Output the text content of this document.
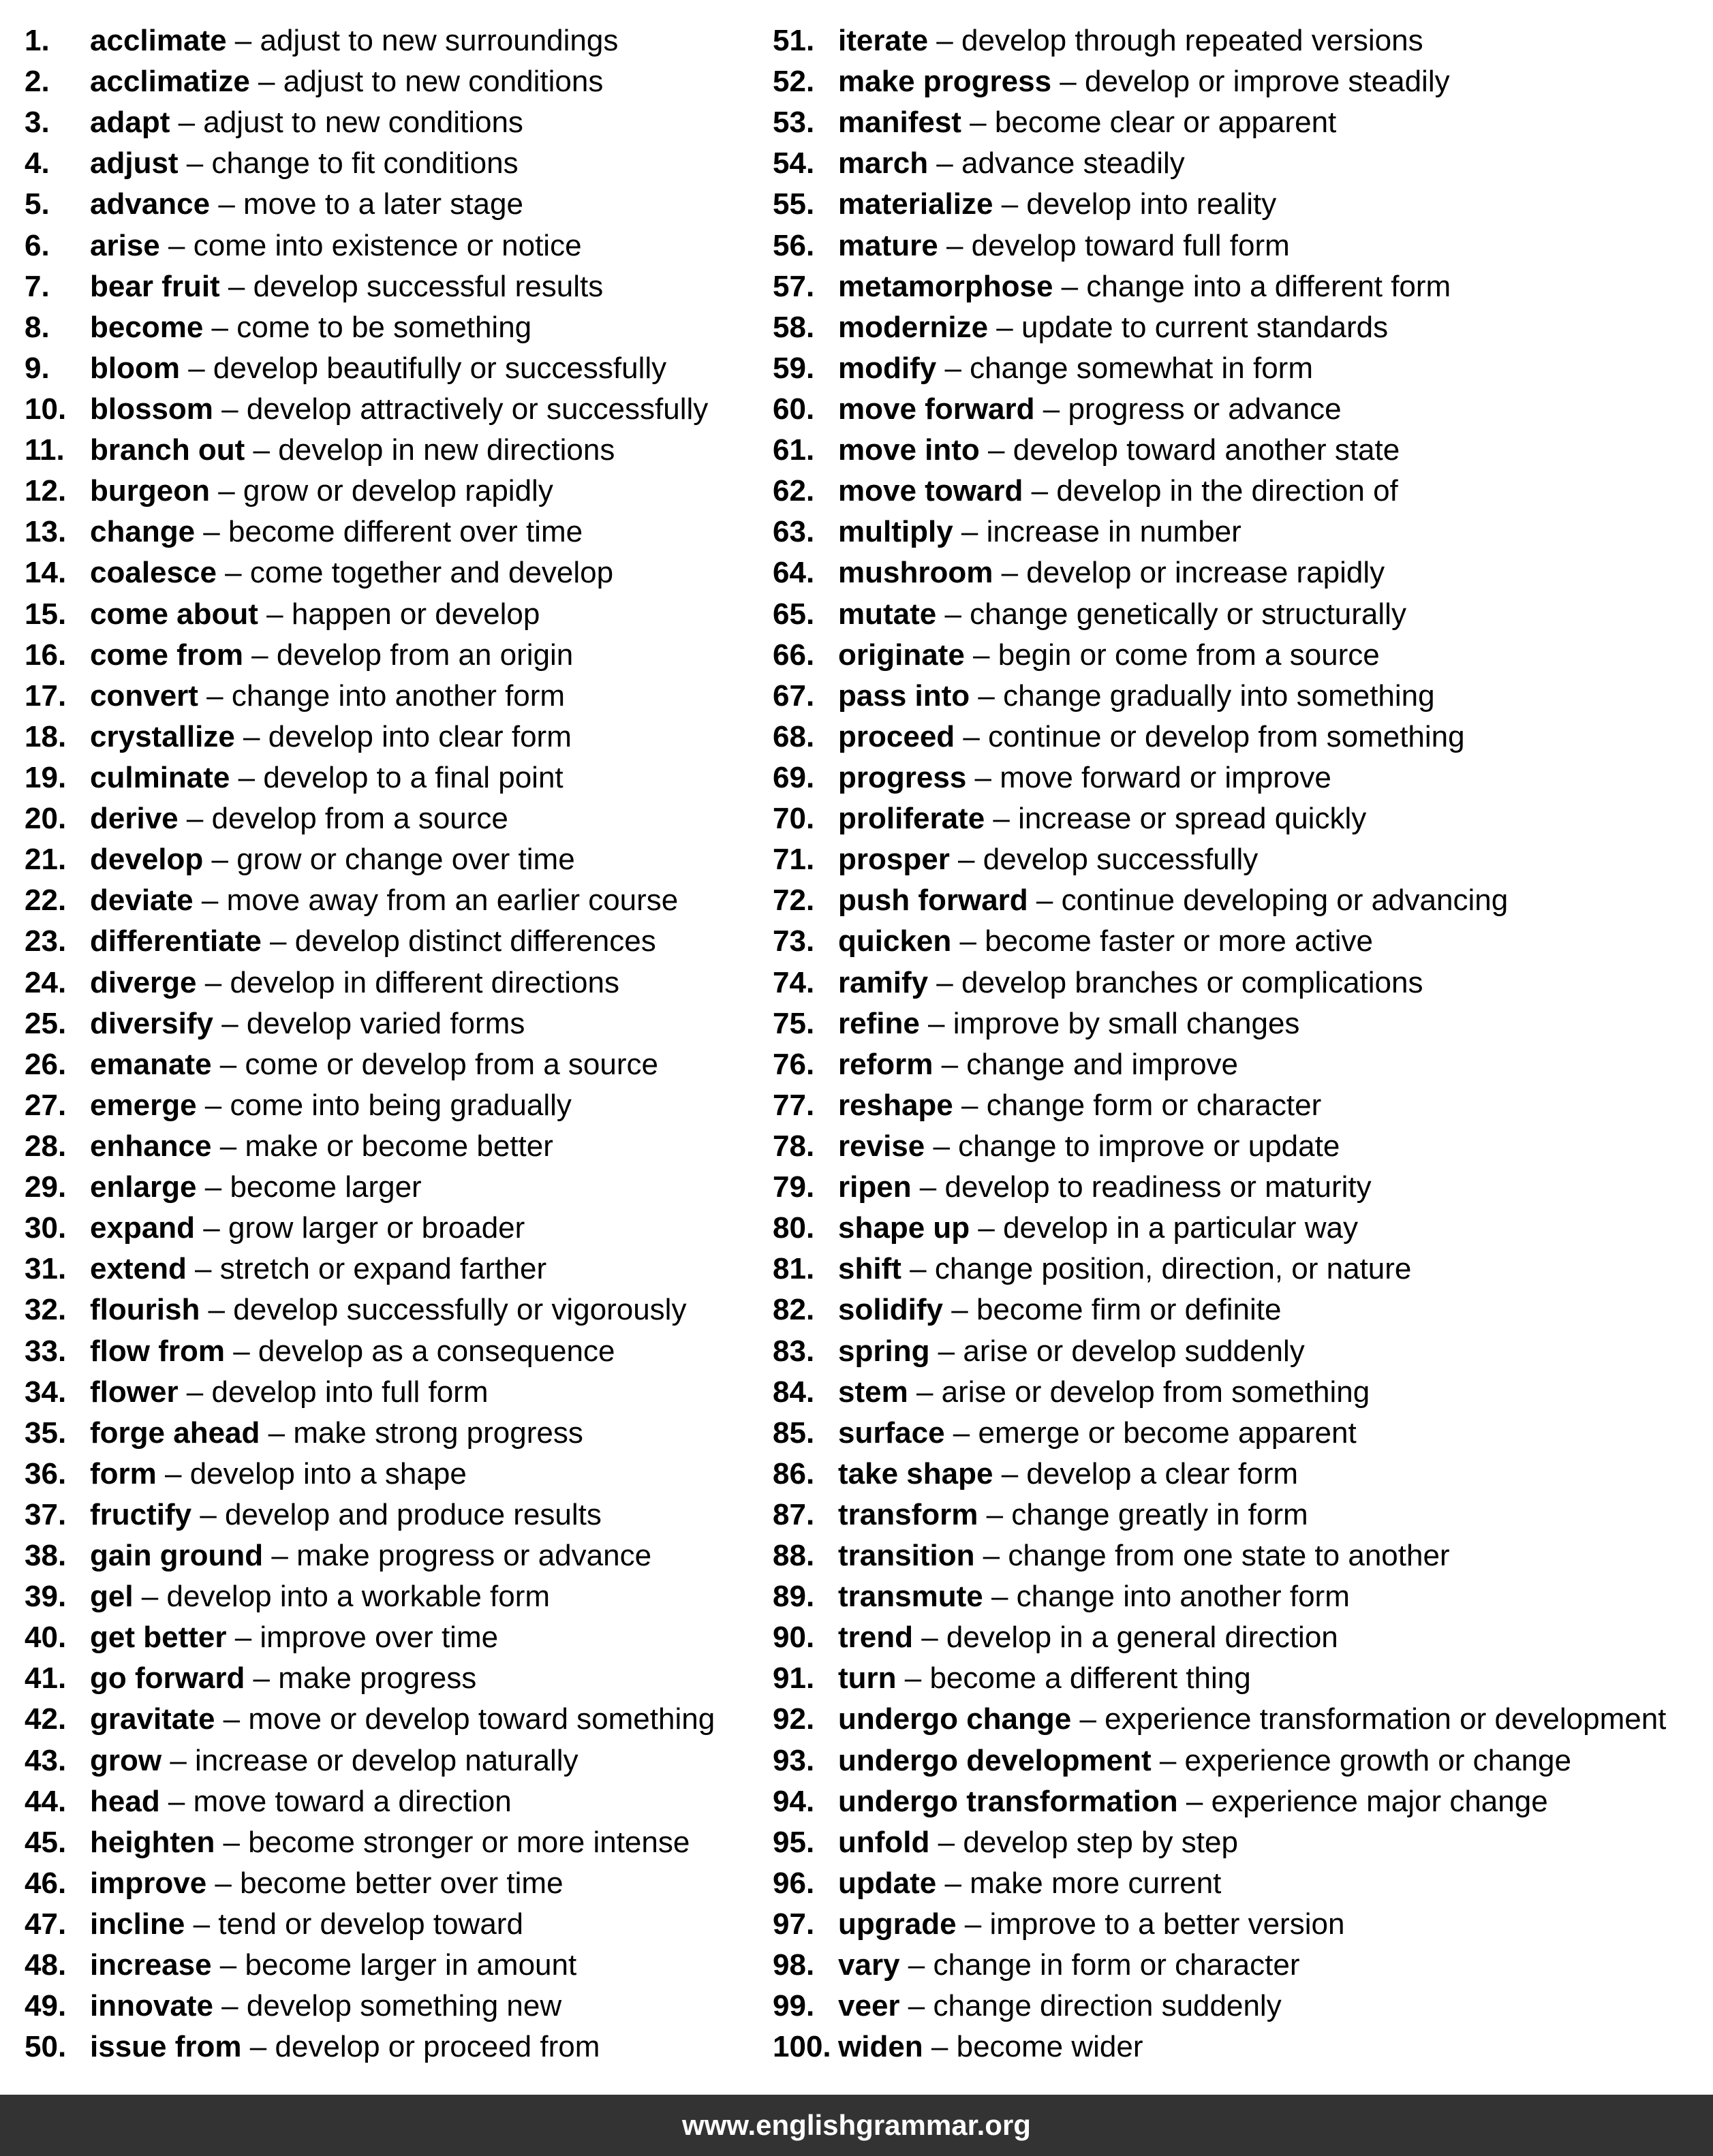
1.	acclimate – adjust to new surroundings
2.	acclimatize – adjust to new conditions
3.	adapt – adjust to new conditions
4.	adjust – change to fit conditions
5.	advance – move to a later stage
6.	arise – come into existence or notice
7.	bear fruit – develop successful results
8.	become – come to be something
9.	bloom – develop beautifully or successfully
10. blossom – develop attractively or successfully
11. branch out – develop in new directions
12. burgeon – grow or develop rapidly
13. change – become different over time
14. coalesce – come together and develop
15. come about – happen or develop
16. come from – develop from an origin
17. convert – change into another form
18. crystallize – develop into clear form
19. culminate – develop to a final point
20. derive – develop from a source
21. develop – grow or change over time
22. deviate – move away from an earlier course
23. differentiate – develop distinct differences
24. diverge – develop in different directions
25. diversify – develop varied forms
26. emanate – come or develop from a source
27. emerge – come into being gradually
28. enhance – make or become better
29. enlarge – become larger
30. expand – grow larger or broader
31. extend – stretch or expand farther
32. flourish – develop successfully or vigorously
33. flow from – develop as a consequence
34. flower – develop into full form
35. forge ahead – make strong progress
36. form – develop into a shape
37. fructify – develop and produce results
38. gain ground – make progress or advance
39. gel – develop into a workable form
40. get better – improve over time
41. go forward – make progress
42. gravitate – move or develop toward something
43. grow – increase or develop naturally
44. head – move toward a direction
45. heighten – become stronger or more intense
46. improve – become better over time
47. incline – tend or develop toward
48. increase – become larger in amount
49. innovate – develop something new
50. issue from – develop or proceed from
51. iterate – develop through repeated versions
52. make progress – develop or improve steadily
53. manifest – become clear or apparent
54. march – advance steadily
55. materialize – develop into reality
56. mature – develop toward full form
57. metamorphose – change into a different form
58. modernize – update to current standards
59. modify – change somewhat in form
60. move forward – progress or advance
61. move into – develop toward another state
62. move toward – develop in the direction of
63. multiply – increase in number
64. mushroom – develop or increase rapidly
65. mutate – change genetically or structurally
66. originate – begin or come from a source
67. pass into – change gradually into something
68. proceed – continue or develop from something
69. progress – move forward or improve
70. proliferate – increase or spread quickly
71. prosper – develop successfully
72. push forward – continue developing or advancing
73. quicken – become faster or more active
74. ramify – develop branches or complications
75. refine – improve by small changes
76. reform – change and improve
77. reshape – change form or character
78. revise – change to improve or update
79. ripen – develop to readiness or maturity
80. shape up – develop in a particular way
81. shift – change position, direction, or nature
82. solidify – become firm or definite
83. spring – arise or develop suddenly
84. stem – arise or develop from something
85. surface – emerge or become apparent
86. take shape – develop a clear form
87. transform – change greatly in form
88. transition – change from one state to another
89. transmute – change into another form
90. trend – develop in a general direction
91. turn – become a different thing
92. undergo change – experience transformation or development
93. undergo development – experience growth or change
94. undergo transformation – experience major change
95. unfold – develop step by step
96. update – make more current
97. upgrade – improve to a better version
98. vary – change in form or character
99. veer – change direction suddenly
100. widen – become wider
www.englishgrammar.org
